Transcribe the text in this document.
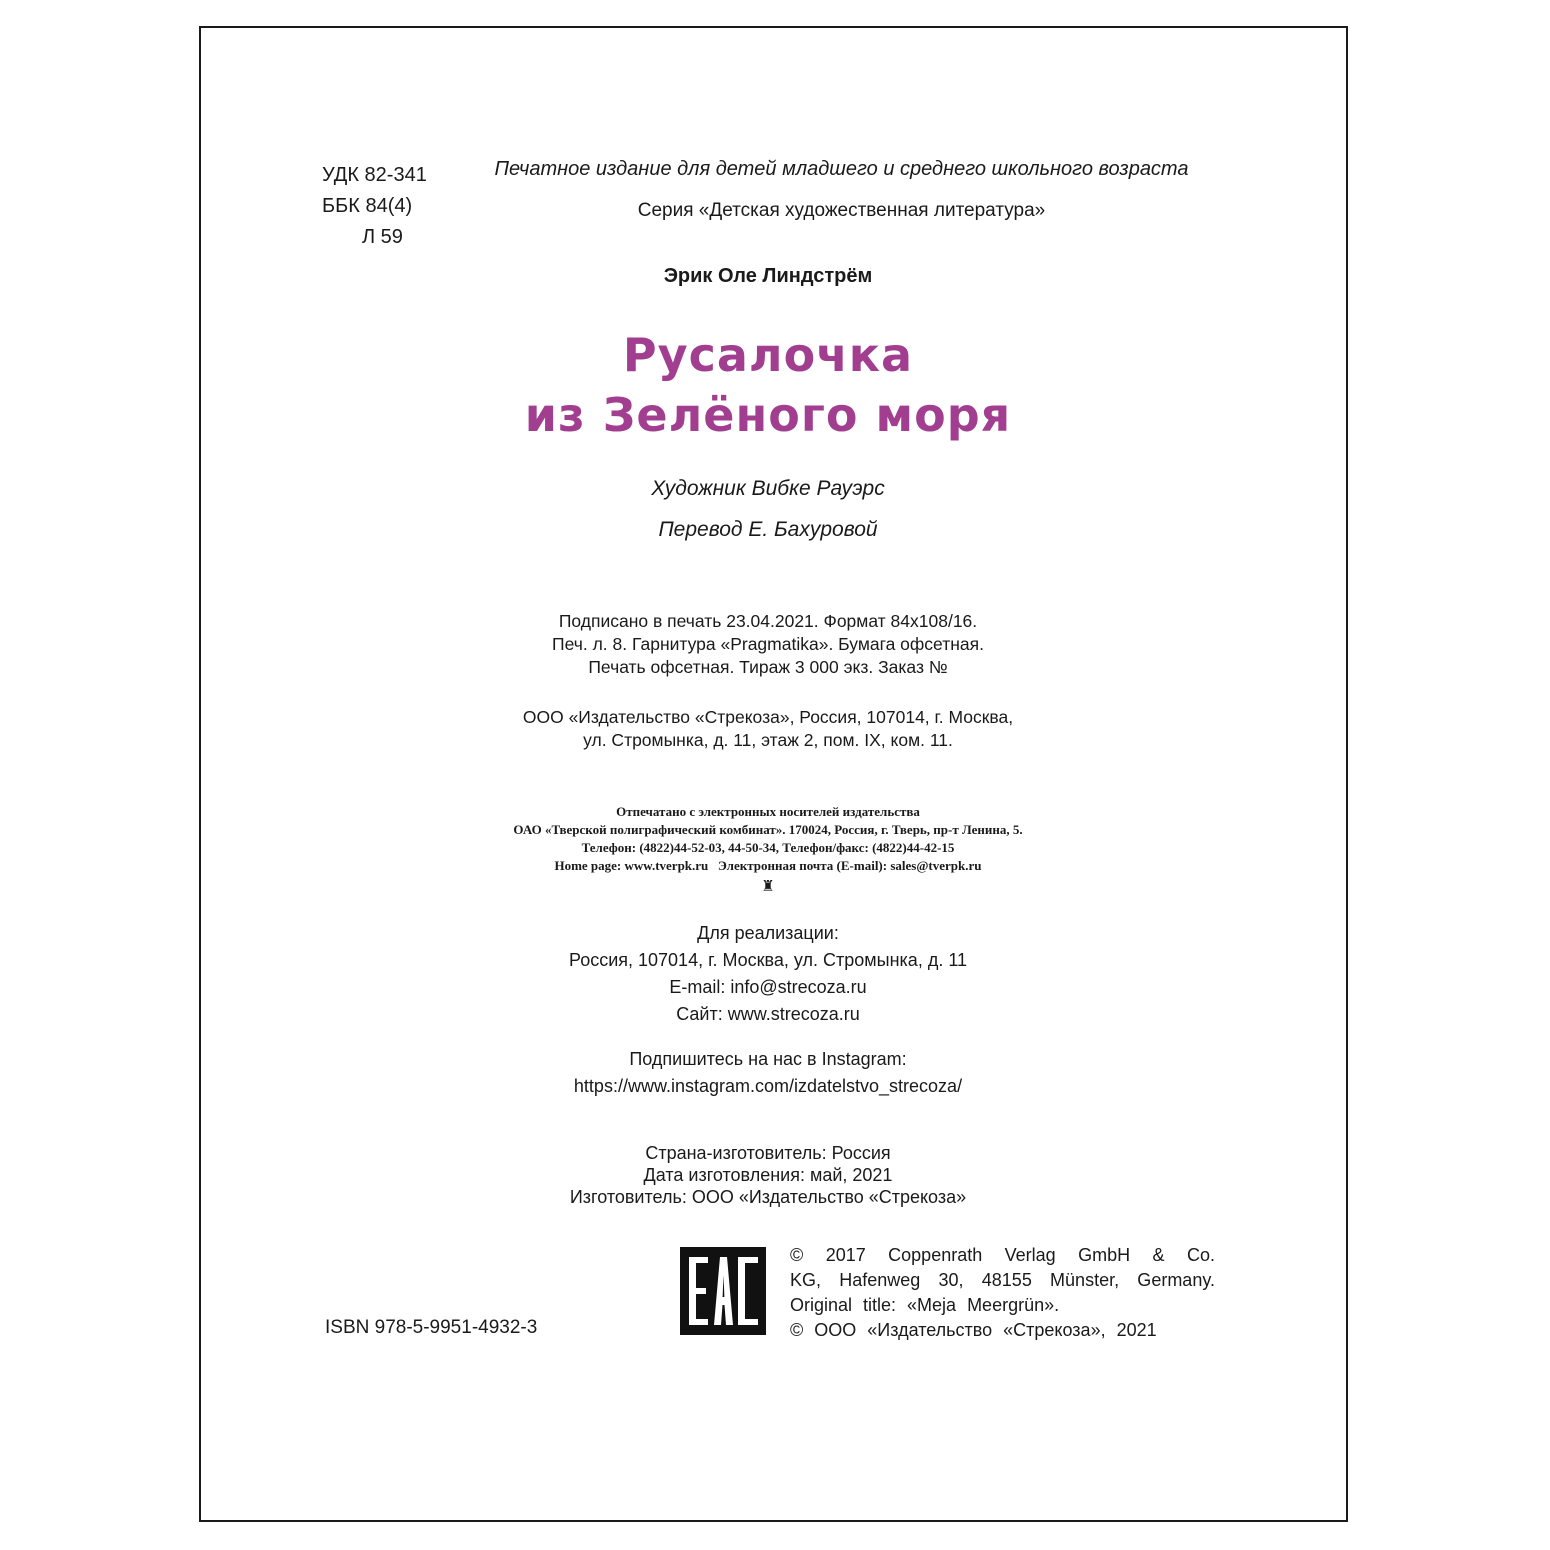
УДК 82-341
ББК 84(4)
Л 59
Печатное издание для детей младшего и среднего школьного возраста
Серия «Детская художественная литература»
Эрик Оле Линдстрём
Русалочка
из Зелёного моря
Художник Вибке Рауэрс
Перевод Е. Бахуровой
Подписано в печать 23.04.2021. Формат 84x108/16.
Печ. л. 8. Гарнитура «Pragmatika». Бумага офсетная.
Печать офсетная. Тираж 3 000 экз. Заказ №
ООО «Издательство «Стрекоза», Россия, 107014, г. Москва,
ул. Стромынка, д. 11, этаж 2, пом. IX, ком. 11.
Отпечатано с электронных носителей издательства
ОАО «Тверской полиграфический комбинат». 170024, Россия, г. Тверь, пр-т Ленина, 5.
Телефон: (4822)44-52-03, 44-50-34, Телефон/факс: (4822)44-42-15
Home page: www.tverpk.ru   Электронная почта (E-mail): sales@tverpk.ru
♜
Для реализации:
Россия, 107014, г. Москва, ул. Стромынка, д. 11
E-mail: info@strecoza.ru
Сайт: www.strecoza.ru
Подпишитесь на нас в Instagram:
https://www.instagram.com/izdatelstvo_strecoza/
Страна-изготовитель: Россия
Дата изготовления: май, 2021
Изготовитель: ООО «Издательство «Стрекоза»
ISBN 978-5-9951-4932-3
© 2017 Coppenrath Verlag GmbH & Co.
KG, Hafenweg 30, 48155 Münster, Germany.
Original title: «Meja Meergrün».
© ООО «Издательство «Стрекоза», 2021
